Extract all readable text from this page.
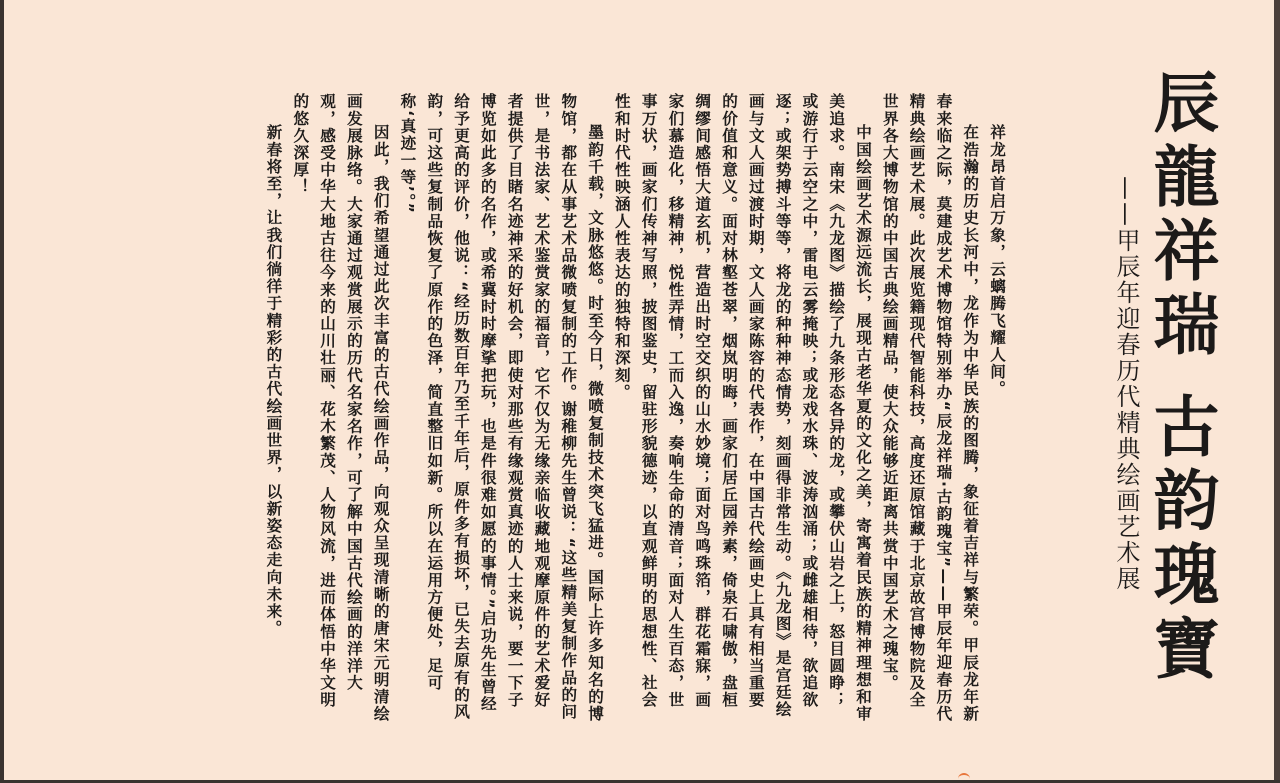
辰龍祥瑞古韵瑰寶
——甲辰年迎春历代精典绘画艺术展

祥龙昂首启万象，云螭腾飞耀人间。

在浩瀚的历史长河中，龙作为中华民族的图腾，象征着吉祥与繁荣。甲辰龙年新春来临之际，莫建成艺术博物馆特别举办“辰龙祥瑞·古韵瑰宝”——甲辰年迎春历代精典绘画艺术展。此次展览籍现代智能科技，高度还原馆藏于北京故宫博物院及全世界各大博物馆的中国古典绘画精品，使大众能够近距离共赏中国艺术之瑰宝。

中国绘画艺术源远流长，展现古老华夏的文化之美，寄寓着民族的精神理想和审美追求。南宋《九龙图》描绘了九条形态各异的龙，或攀伏山岩之上，怒目圆睁；或游行于云空之中，雷电云雾掩映；或龙戏水珠、波涛汹涌；或雌雄相待，欲追欲逐；或架势搏斗等等，将龙的种种神态情势，刻画得非常生动。《九龙图》是宫廷绘画与文人画过渡时期，文人画家陈容的代表作，在中国古代绘画史上具有相当重要的价值和意义。面对林壑苍翠，烟岚明晦，画家们居丘园养素，倚泉石啸傲，盘桓绸缪间感悟大道玄机，营造出时空交织的山水妙境；面对鸟鸣珠箔，群花霜寐，画家们慕造化，移精神，悦性弄情，工而入逸，奏响生命的清音；面对人生百态，世事万状，画家们传神写照，披图鉴史，留驻形貌德迹，以直观鲜明的思想性、社会性和时代性映涵人性表达的独特和深刻。

墨韵千载，文脉悠悠。时至今日，微喷复制技术突飞猛进。国际上许多知名的博物馆，都在从事艺术品微喷复制的工作。谢稚柳先生曾说：“这些精美复制作品的问世，是书法家、艺术鉴赏家的福音，它不仅为无缘亲临收藏地观摩原件的艺术爱好者提供了目睹名迹神采的好机会，即使对那些有缘观赏真迹的人士来说，要一下子博览如此多的名作，或希冀时时摩挲把玩，也是件很难如愿的事情。”启功先生曾经给予更高的评价，他说：“经历数百年乃至千年后，原件多有损坏，已失去原有的风韵，可这些复制品恢复了原作的色泽，简直整旧如新。所以在运用方便处，足可称‘真迹一等’。”

因此，我们希望通过此次丰富的古代绘画作品，向观众呈现清晰的唐宋元明清绘画发展脉络。大家通过观赏展示的历代名家名作，可了解中国古代绘画的洋洋大观，感受中华大地古往今来的山川壮丽、花木繁茂、人物风流，进而体悟中华文明的悠久深厚！

新春将至，让我们徜徉于精彩的古代绘画世界，以新姿态走向未来。
